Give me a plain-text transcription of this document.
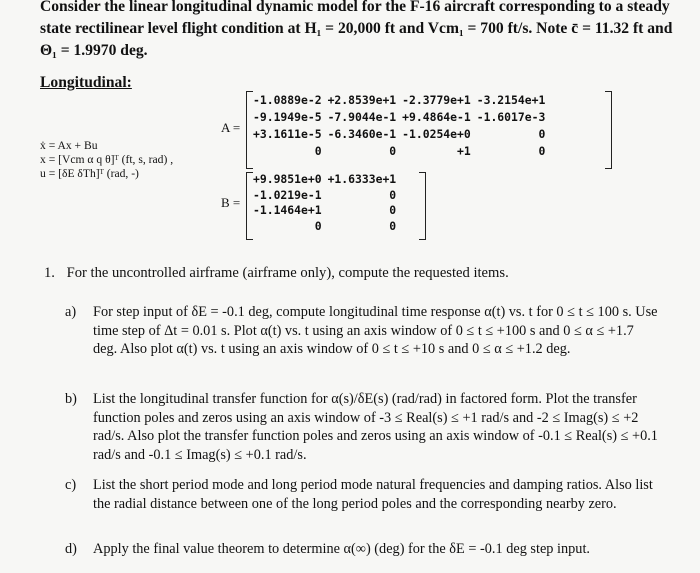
Consider the linear longitudinal dynamic model for the F-16 aircraft corresponding to a steady
state rectilinear level flight condition at H₁ = 20,000 ft and Vcm₁ = 700 ft/s. Note c̄ = 11.32 ft and
Θ₁ = 1.9970 deg.
Longitudinal:
ẋ = Ax + Bu
x = [Vcm α q θ]ᵀ (ft, s, rad) ,
u = [δE δTh]ᵀ (rad, -)
A =
-1.0889e-2	+2.8539e+1	-2.3779e+1	-3.2154e+1
-9.1949e-5	-7.9044e-1	+9.4864e-1	-1.6017e-3
+3.1611e-5	-6.3460e-1	-1.0254e+0	0
0	0	+1	0
B =
+9.9851e+0	+1.6333e+1
-1.0219e-1	0
-1.1464e+1	0
0	0
1. For the uncontrolled airframe (airframe only), compute the requested items.
a) For step input of δE = -0.1 deg, compute longitudinal time response α(t) vs. t for 0 ≤ t ≤ 100 s. Use time step of Δt = 0.01 s. Plot α(t) vs. t using an axis window of 0 ≤ t ≤ +100 s and 0 ≤ α ≤ +1.7 deg. Also plot α(t) vs. t using an axis window of 0 ≤ t ≤ +10 s and 0 ≤ α ≤ +1.2 deg.
b) List the longitudinal transfer function for α(s)/δE(s) (rad/rad) in factored form. Plot the transfer function poles and zeros using an axis window of -3 ≤ Real(s) ≤ +1 rad/s and -2 ≤ Imag(s) ≤ +2 rad/s. Also plot the transfer function poles and zeros using an axis window of -0.1 ≤ Real(s) ≤ +0.1 rad/s and -0.1 ≤ Imag(s) ≤ +0.1 rad/s.
c) List the short period mode and long period mode natural frequencies and damping ratios. Also list the radial distance between one of the long period poles and the corresponding nearby zero.
d) Apply the final value theorem to determine α(∞) (deg) for the δE = -0.1 deg step input.
